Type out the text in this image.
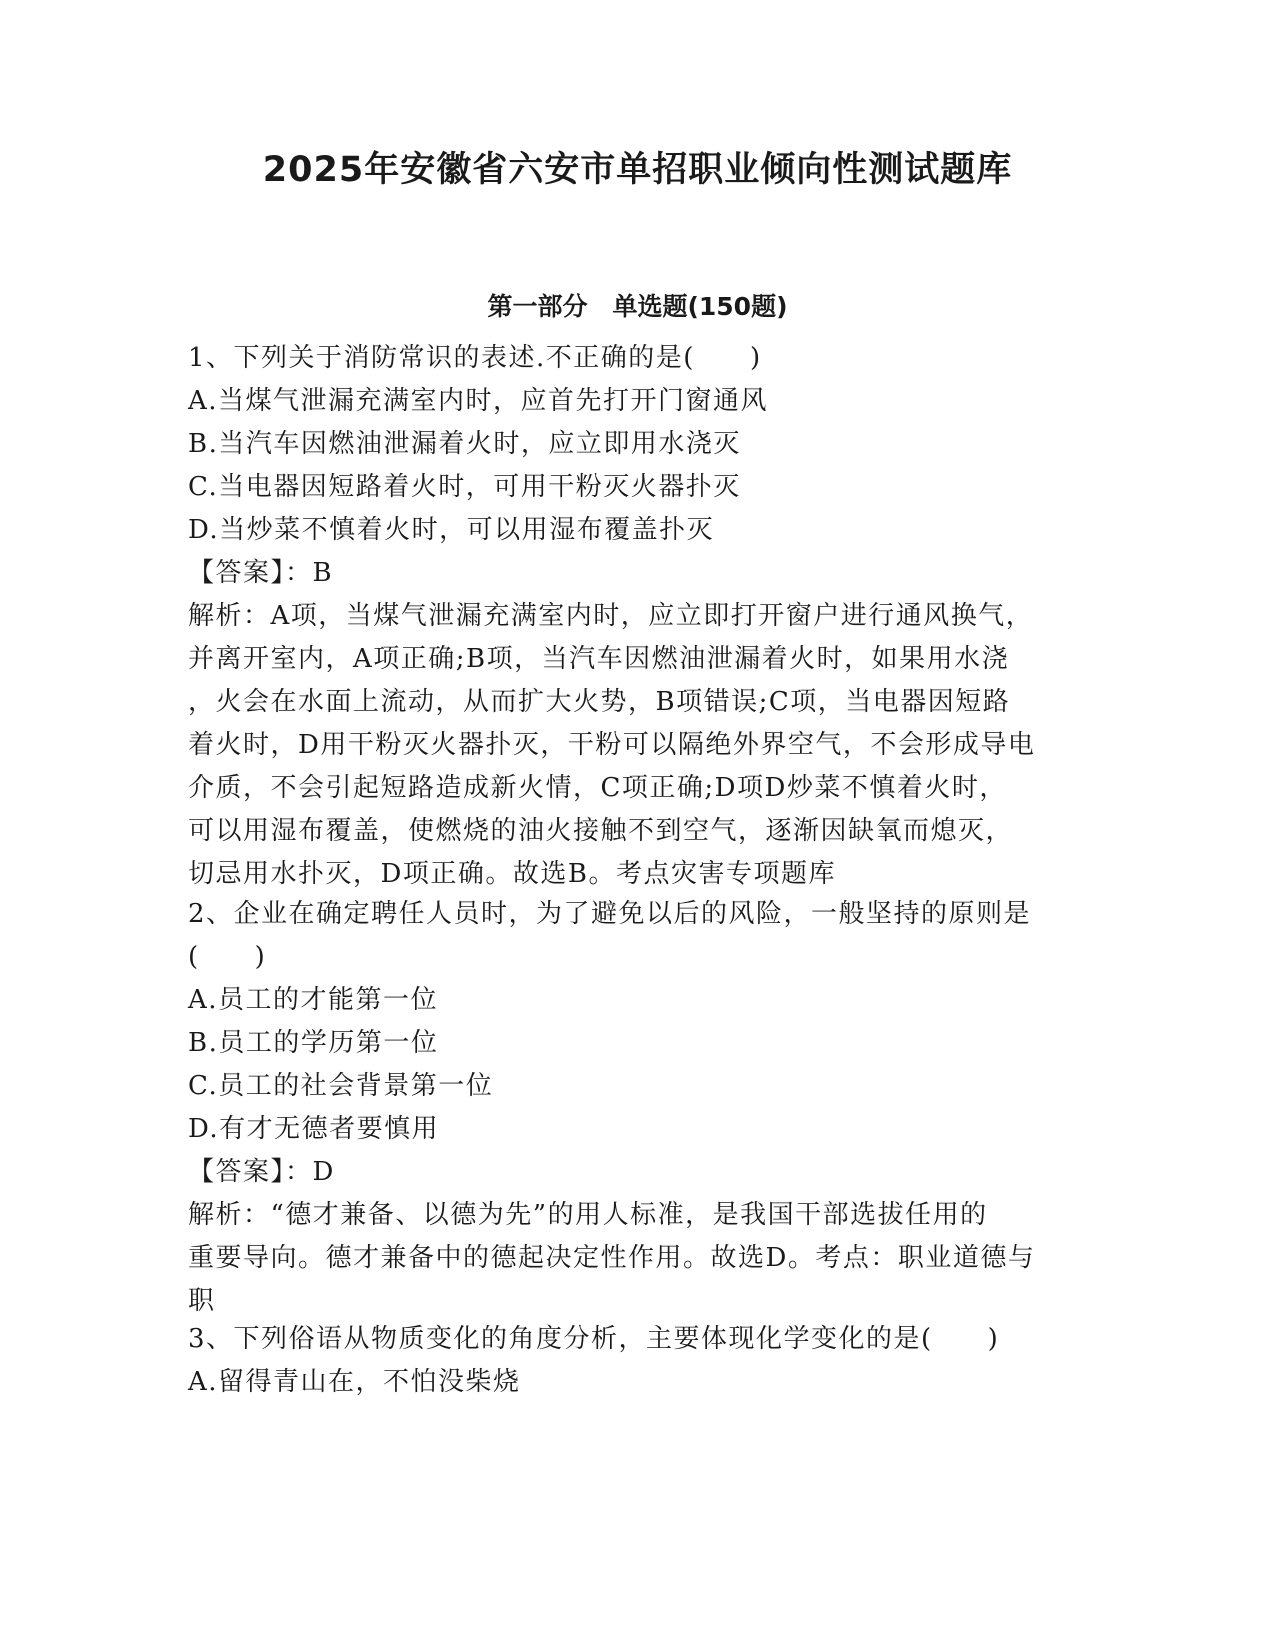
2025年安徽省六安市单招职业倾向性测试题库
第一部分　单选题(150题)
1、下列关于消防常识的表述.不正确的是(　　)
A.当煤气泄漏充满室内时，应首先打开门窗通风
B.当汽车因燃油泄漏着火时，应立即用水浇灭
C.当电器因短路着火时，可用干粉灭火器扑灭
D.当炒菜不慎着火时，可以用湿布覆盖扑灭
【答案】：B
解析：A项，当煤气泄漏充满室内时，应立即打开窗户进行通风换气，
并离开室内，A项正确;B项，当汽车因燃油泄漏着火时，如果用水浇
，火会在水面上流动，从而扩大火势，B项错误;C项，当电器因短路
着火时，D用干粉灭火器扑灭，干粉可以隔绝外界空气，不会形成导电
介质，不会引起短路造成新火情，C项正确;D项D炒菜不慎着火时，
可以用湿布覆盖，使燃烧的油火接触不到空气，逐渐因缺氧而熄灭，
切忌用水扑灭，D项正确。故选B。考点灾害专项题库
2、企业在确定聘任人员时，为了避免以后的风险，一般坚持的原则是
(　　)
A.员工的才能第一位
B.员工的学历第一位
C.员工的社会背景第一位
D.有才无德者要慎用
【答案】：D
解析：“德才兼备、以德为先”的用人标准，是我国干部选拔任用的
重要导向。德才兼备中的德起决定性作用。故选D。考点：职业道德与
职
3、下列俗语从物质变化的角度分析，主要体现化学变化的是(　　)
A.留得青山在，不怕没柴烧
